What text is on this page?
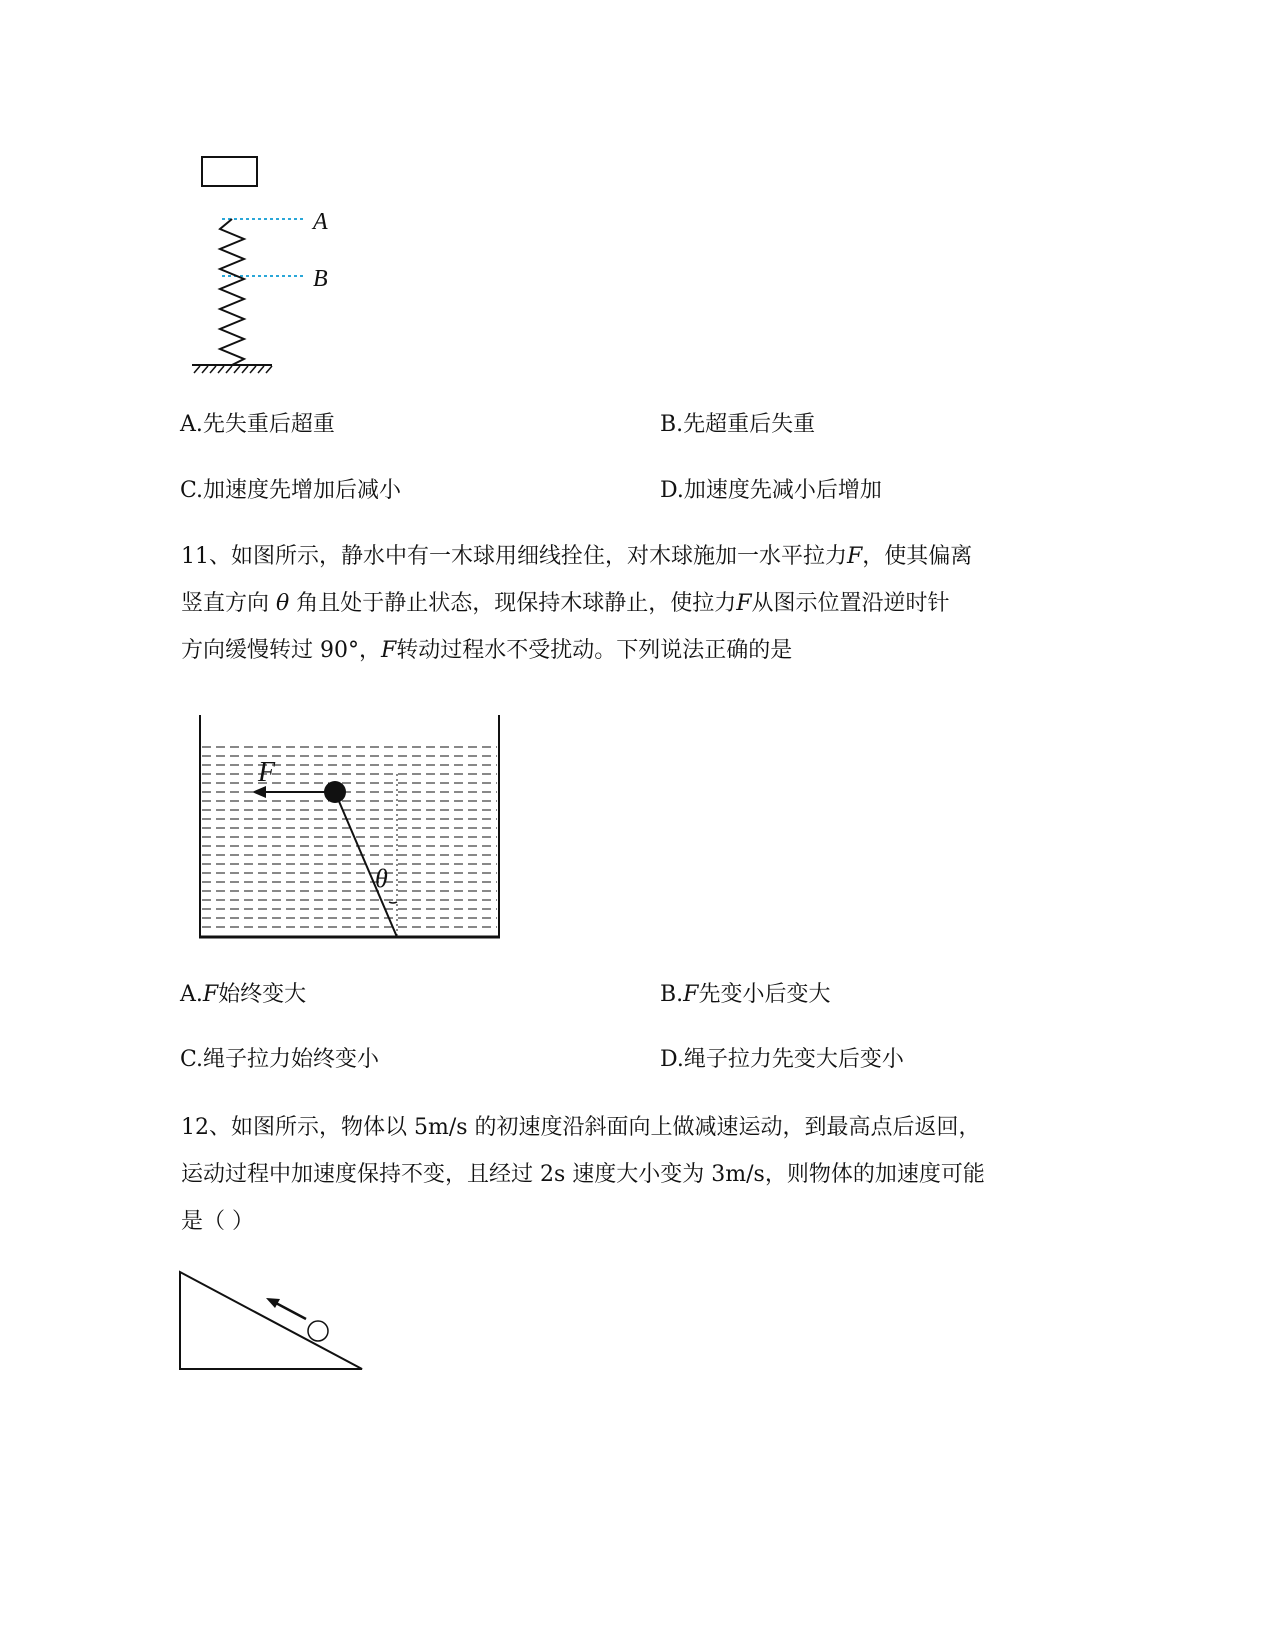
A
B
A.先失重后超重	B.先超重后失重
C.加速度先增加后减小	D.加速度先减小后增加
11、如图所示，静水中有一木球用细线拴住，对木球施加一水平拉力F，使其偏离
竖直方向 θ 角且处于静止状态，现保持木球静止，使拉力F从图示位置沿逆时针
方向缓慢转过 90°，F转动过程水不受扰动。下列说法正确的是
F
θ
A.F始终变大	B.F先变小后变大
C.绳子拉力始终变小	D.绳子拉力先变大后变小
12、如图所示，物体以 5m/s 的初速度沿斜面向上做减速运动，到最高点后返回，
运动过程中加速度保持不变，且经过 2s 速度大小变为 3m/s，则物体的加速度可能
是（ ）
